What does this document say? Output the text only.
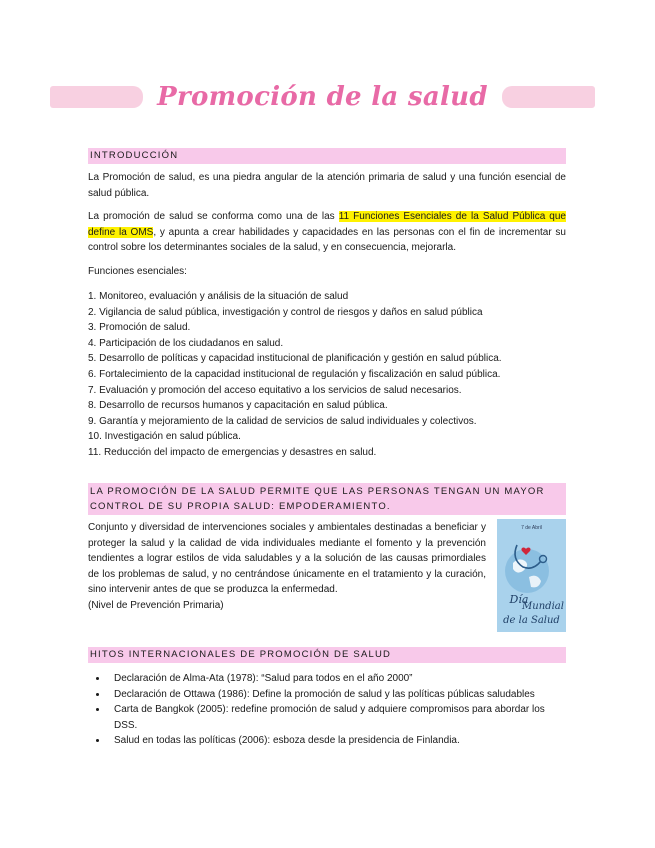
Promoción de la salud
INTRODUCCIÓN

La Promoción de salud, es una piedra angular de la atención primaria de salud y una función esencial de salud pública.

La promoción de salud se conforma como una de las 11 Funciones Esenciales de la Salud Pública que define la OMS, y apunta a crear habilidades y capacidades en las personas con el fin de incrementar su control sobre los determinantes sociales de la salud, y en consecuencia, mejorarla.

Funciones esenciales:
1. Monitoreo, evaluación y análisis de la situación de salud
2. Vigilancia de salud pública, investigación y control de riesgos y daños en salud pública
3. Promoción de salud.
4. Participación de los ciudadanos en salud.
5. Desarrollo de políticas y capacidad institucional de planificación y gestión en salud pública.
6. Fortalecimiento de la capacidad institucional de regulación y fiscalización en salud pública.
7. Evaluación y promoción del acceso equitativo a los servicios de salud necesarios.
8. Desarrollo de recursos humanos y capacitación en salud pública.
9. Garantía y mejoramiento de la calidad de servicios de salud individuales y colectivos.
10. Investigación en salud pública.
11. Reducción del impacto de emergencias y desastres en salud.
LA PROMOCIÓN DE LA SALUD PERMITE QUE LAS PERSONAS TENGAN UN MAYOR CONTROL DE SU PROPIA SALUD: EMPODERAMIENTO.

Conjunto y diversidad de intervenciones sociales y ambientales destinadas a beneficiar y proteger la salud y la calidad de vida individuales mediante el fomento y la prevención tendientes a lograr estilos de vida saludables y a la solución de las causas primordiales de los problemas de salud, y no centrándose únicamente en el tratamiento y la curación, sino intervenir antes de que se produzca la enfermedad.

(Nivel de Prevención Primaria)

7 de Abril
Día
Mundial
de la Salud
HITOS INTERNACIONALES DE PROMOCIÓN DE SALUD
• Declaración de Alma-Ata (1978): “Salud para todos en el año 2000”
• Declaración de Ottawa (1986): Define la promoción de salud y las políticas públicas saludables
• Carta de Bangkok (2005): redefine promoción de salud y adquiere compromisos para abordar los DSS.
• Salud en todas las políticas (2006): esboza desde la presidencia de Finlandia.
